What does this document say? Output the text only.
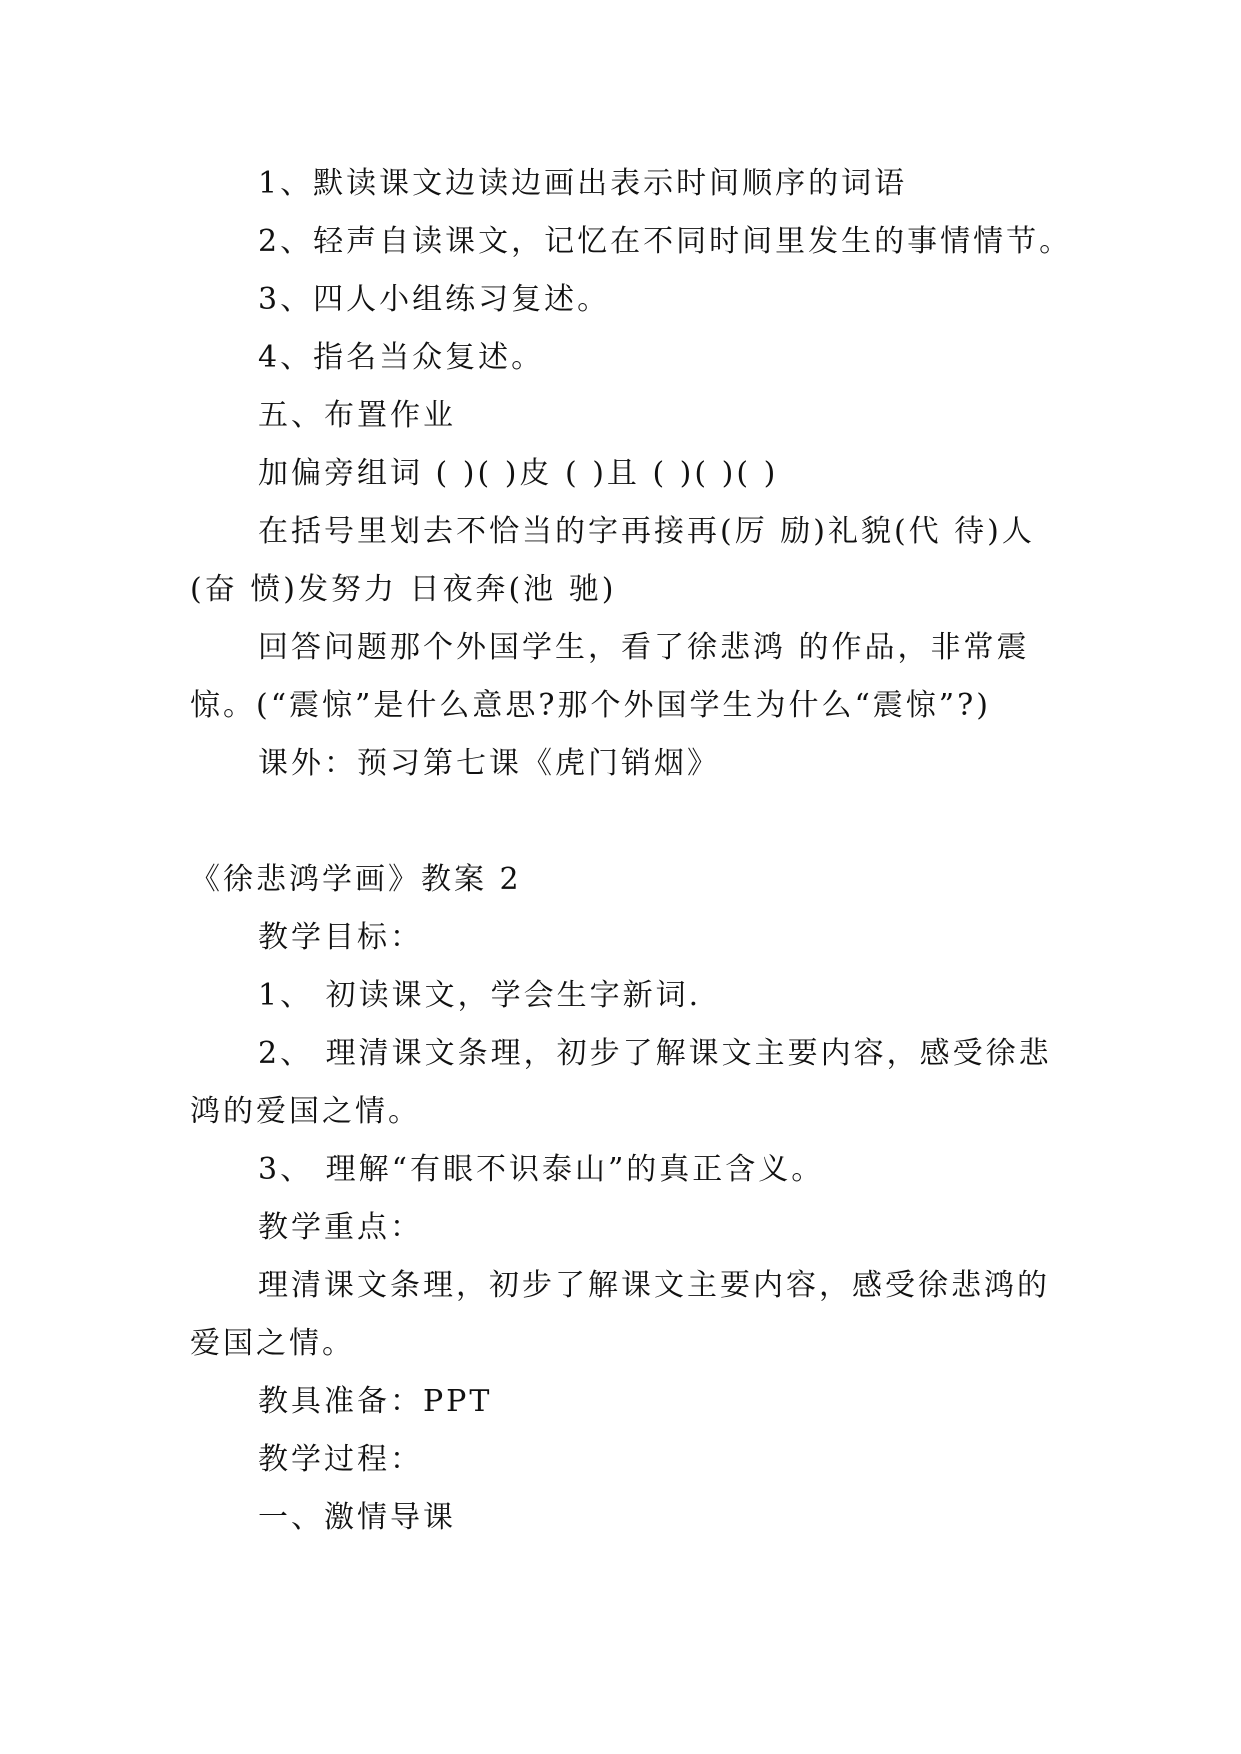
1、默读课文边读边画出表示时间顺序的词语
2、轻声自读课文，记忆在不同时间里发生的事情情节。
3、四人小组练习复述。
4、指名当众复述。
五、布置作业
加偏旁组词 ( )( )皮 ( )且 ( )( )( )
在括号里划去不恰当的字再接再(厉 励)礼貌(代 待)人
(奋 愤)发努力 日夜奔(池 驰)
回答问题那个外国学生，看了徐悲鸿 的作品，非常震
惊。(“震惊”是什么意思?那个外国学生为什么“震惊”?)
课外：预习第七课《虎门销烟》
《徐悲鸿学画》教案 2
教学目标：
1、 初读课文，学会生字新词.
2、 理清课文条理，初步了解课文主要内容，感受徐悲
鸿的爱国之情。
3、 理解“有眼不识泰山”的真正含义。
教学重点：
理清课文条理，初步了解课文主要内容，感受徐悲鸿的
爱国之情。
教具准备：PPT
教学过程：
一、激情导课
